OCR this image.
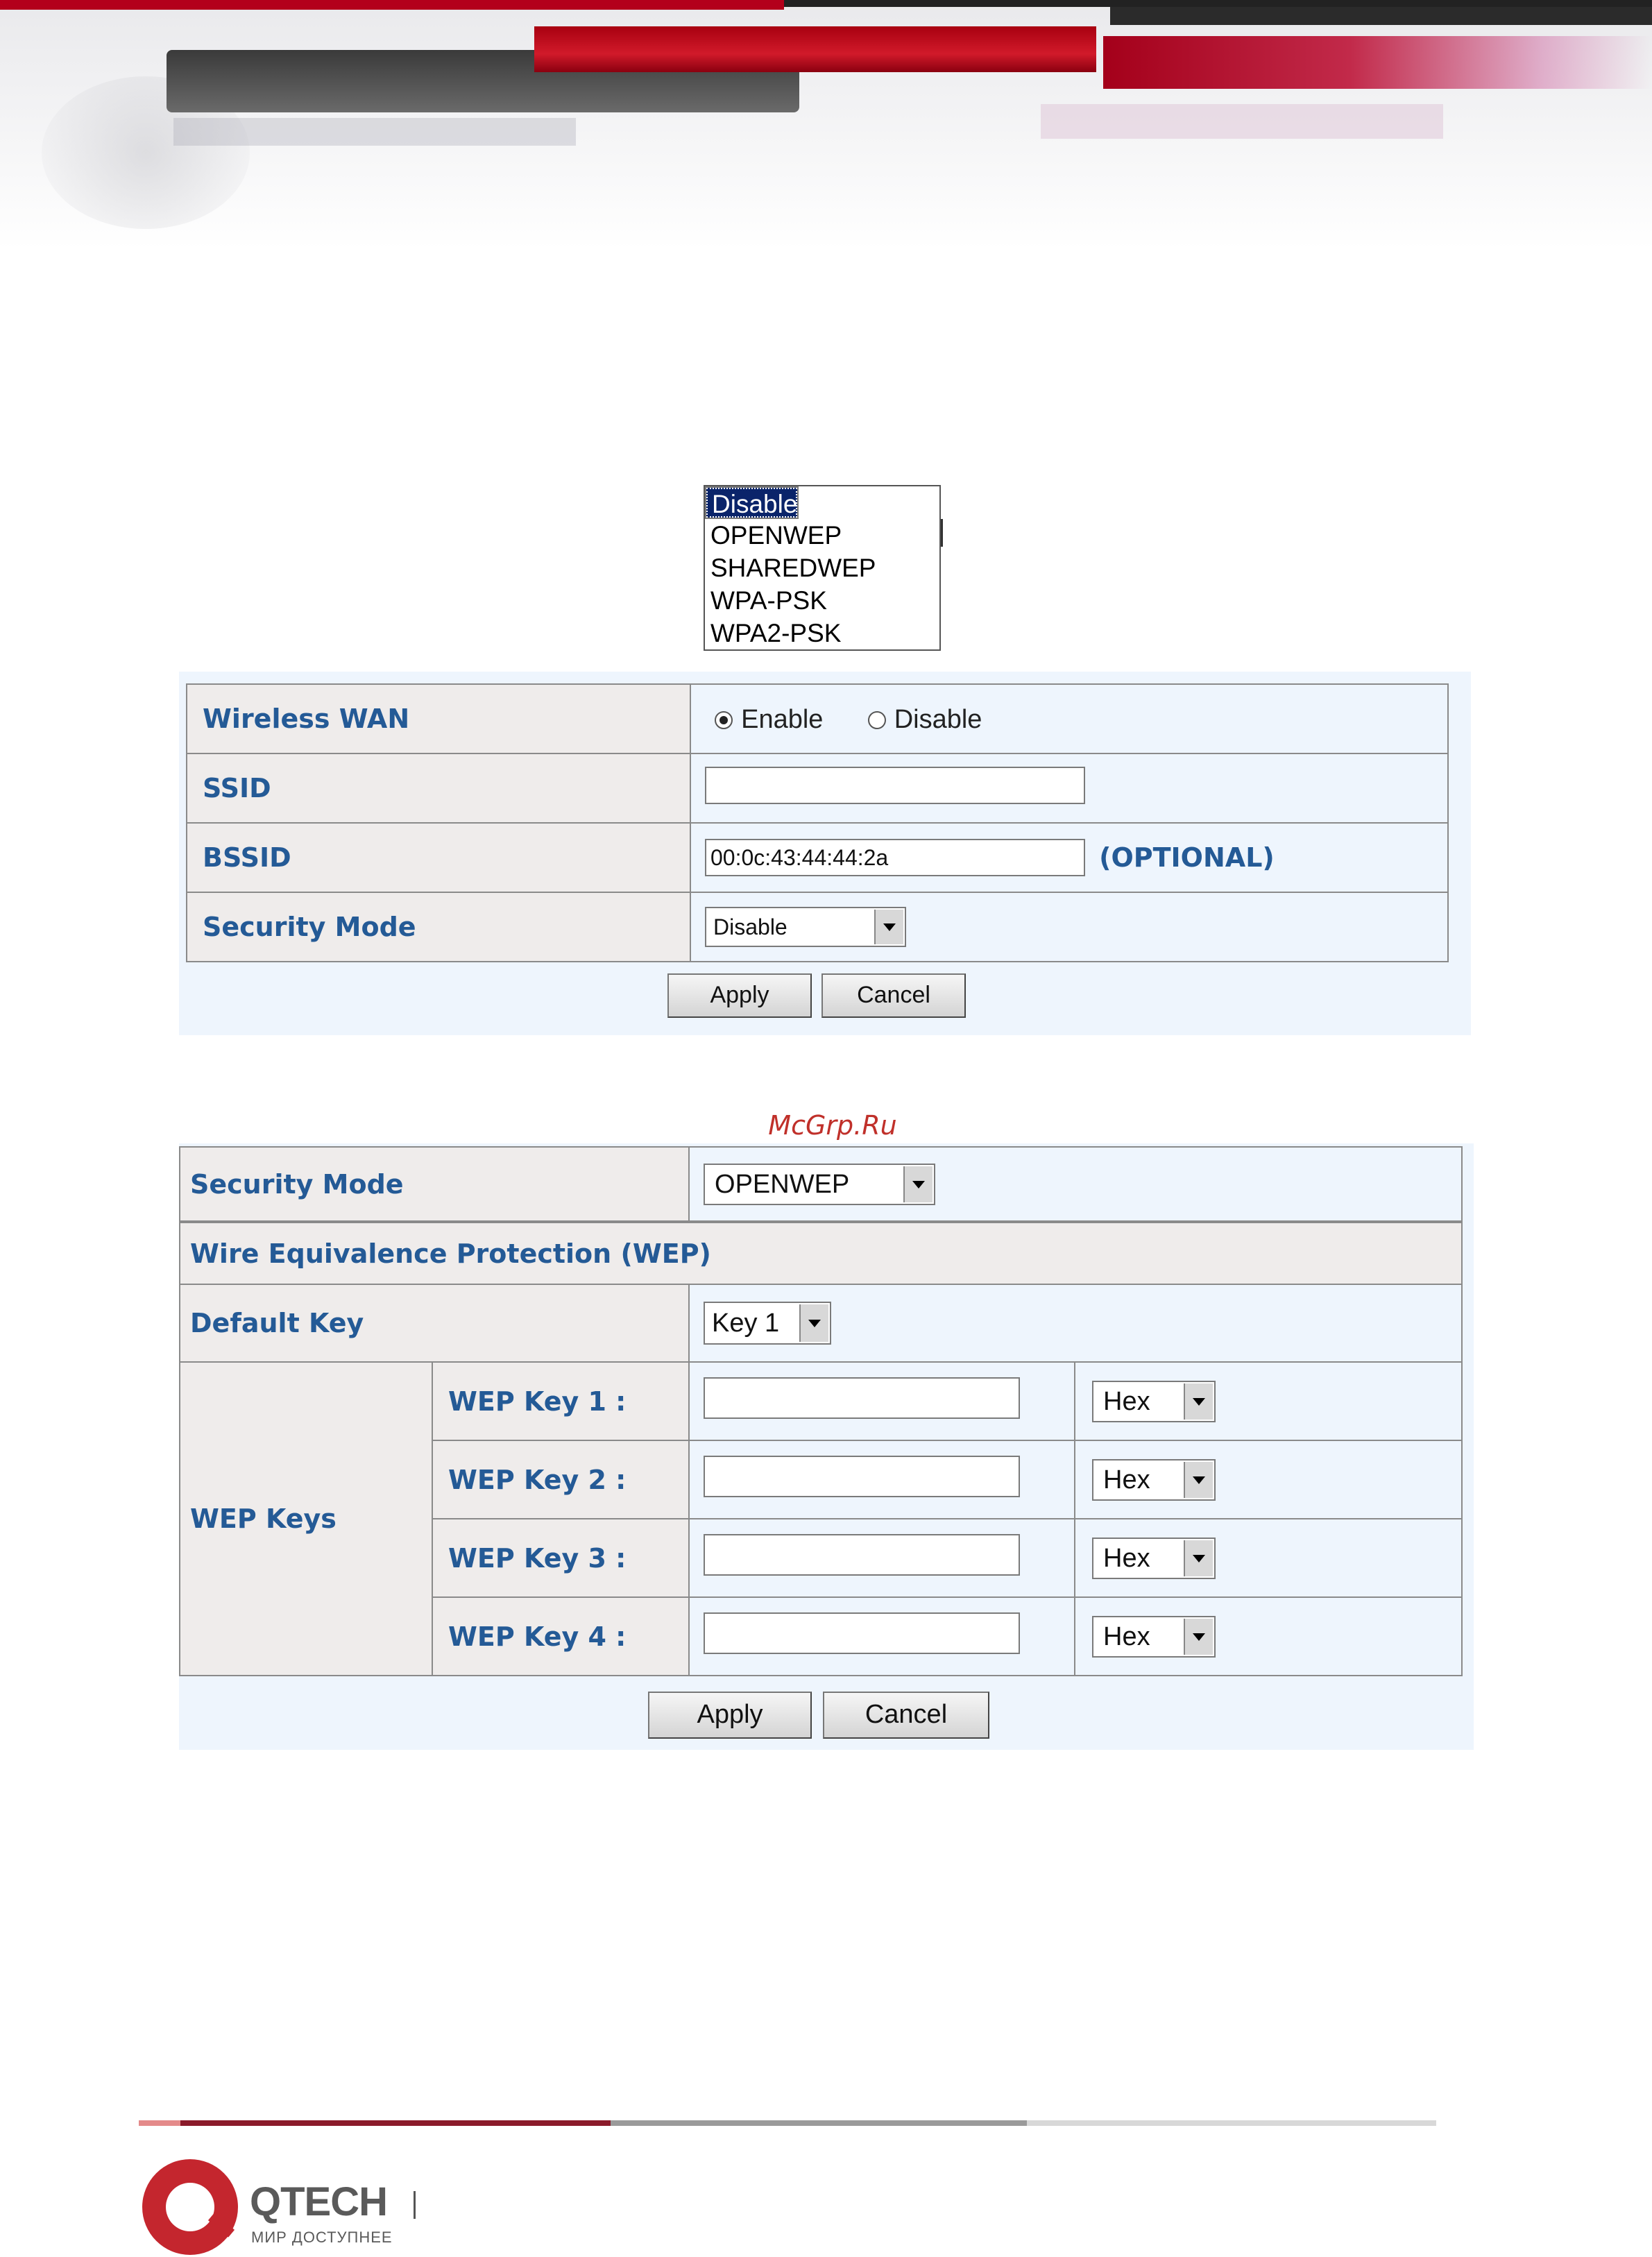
Disable
OPENWEP
SHAREDWEP
WPA-PSK
WPA2-PSK
Wireless WAN	Enable Disable
SSID	
BSSID	00:0c:43:44:44:2a (OPTIONAL)
Security Mode	Disable
Apply	Cancel
McGrp.Ru
Security Mode		OPENWEP	

Wire Equivalence Protection (WEP)			
Default Key		Key 1	

WEP Keys	WEP Key 1 :		Hex

	WEP Key 2 :		Hex

	WEP Key 3 :		Hex

	WEP Key 4 :		Hex
Apply	Cancel
QTECH
МИР ДОСТУПНЕЕ
